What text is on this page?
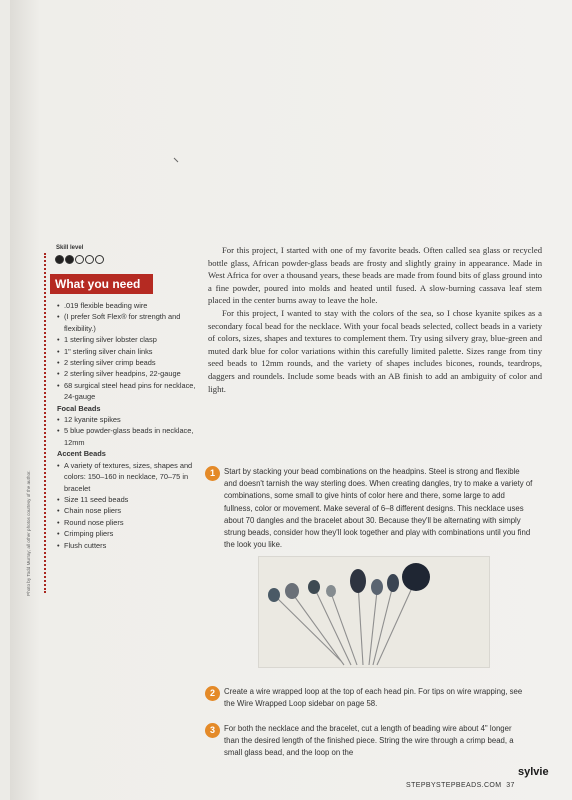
Skill level
What you need
• .019 flexible beading wire
• (I prefer Soft Flex® for strength and flexibility.)
• 1 sterling silver lobster clasp
• 1" sterling silver chain links
• 2 sterling silver crimp beads
• 2 sterling silver headpins, 22-gauge
• 68 surgical steel head pins for necklace, 24-gauge
Focal Beads
• 12 kyanite spikes
• 5 blue powder-glass beads in necklace, 12mm
Accent Beads
• A variety of textures, sizes, shapes and colors: 150–160 in necklace, 70–75 in bracelet
• Size 11 seed beads
• Chain nose pliers
• Round nose pliers
• Crimping pliers
• Flush cutters
Photo by Todd Murray; all other photos courtesy of the author.

For this project, I started with one of my favorite beads. Often called sea glass or recycled bottle glass, African powder-glass beads are frosty and slightly grainy in appearance. Made in West Africa for over a thousand years, these beads are made from found bits of glass ground into a fine powder, poured into molds and heated until fused. A slow-burning cassava leaf stem placed in the center burns away to leave the hole.

For this project, I wanted to stay with the colors of the sea, so I chose kyanite spikes as a secondary focal bead for the necklace. With your focal beads selected, collect beads in a variety of colors, sizes, shapes and textures to complement them. Try using silvery gray, blue-green and muted dark blue for color variations within this carefully limited palette. Sizes range from tiny seed beads to 12mm rounds, and the variety of shapes includes bicones, rounds, teardrops, daggers and roundels. Include some beads with an AB finish to add an ambiguity of color and light.

1	Start by stacking your bead combinations on the headpins. Steel is strong and flexible and doesn't tarnish the way sterling does. When creating dangles, try to make a variety of combinations, some small to give hints of color here and there, some large to add fullness, color or movement. Make several of 6–8 different designs. This necklace uses about 70 dangles and the bracelet about 30. Because they'll be alternating with simply strung beads, consider how they'll look together and play with combinations until you find the look you like.
2	Create a wire wrapped loop at the top of each head pin. For tips on wire wrapping, see the Wire Wrapped Loop sidebar on page 58.
3	For both the necklace and the bracelet, cut a length of beading wire about 4" longer than the desired length of the finished piece. String the wire through a crimp bead, a small glass bead, and the loop on the
STEPBYSTEPBEADS.COM 37
sylvie
